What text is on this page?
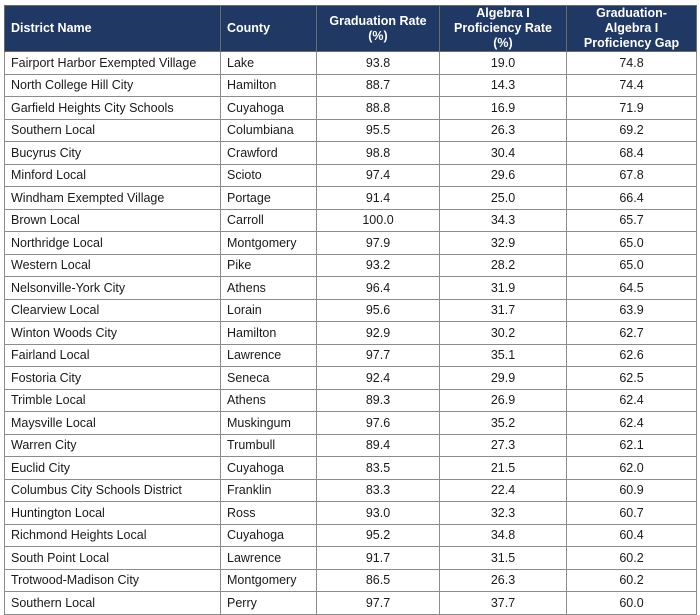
District Name	County	Graduation Rate (%)	Algebra I Proficiency Rate (%)	Graduation-Algebra I Proficiency Gap
Fairport Harbor Exempted Village	Lake	93.8	19.0	74.8
North College Hill City	Hamilton	88.7	14.3	74.4
Garfield Heights City Schools	Cuyahoga	88.8	16.9	71.9
Southern Local	Columbiana	95.5	26.3	69.2
Bucyrus City	Crawford	98.8	30.4	68.4
Minford Local	Scioto	97.4	29.6	67.8
Windham Exempted Village	Portage	91.4	25.0	66.4
Brown Local	Carroll	100.0	34.3	65.7
Northridge Local	Montgomery	97.9	32.9	65.0
Western Local	Pike	93.2	28.2	65.0
Nelsonville-York City	Athens	96.4	31.9	64.5
Clearview Local	Lorain	95.6	31.7	63.9
Winton Woods City	Hamilton	92.9	30.2	62.7
Fairland Local	Lawrence	97.7	35.1	62.6
Fostoria City	Seneca	92.4	29.9	62.5
Trimble Local	Athens	89.3	26.9	62.4
Maysville Local	Muskingum	97.6	35.2	62.4
Warren City	Trumbull	89.4	27.3	62.1
Euclid City	Cuyahoga	83.5	21.5	62.0
Columbus City Schools District	Franklin	83.3	22.4	60.9
Huntington Local	Ross	93.0	32.3	60.7
Richmond Heights Local	Cuyahoga	95.2	34.8	60.4
South Point Local	Lawrence	91.7	31.5	60.2
Trotwood-Madison City	Montgomery	86.5	26.3	60.2
Southern Local	Perry	97.7	37.7	60.0
